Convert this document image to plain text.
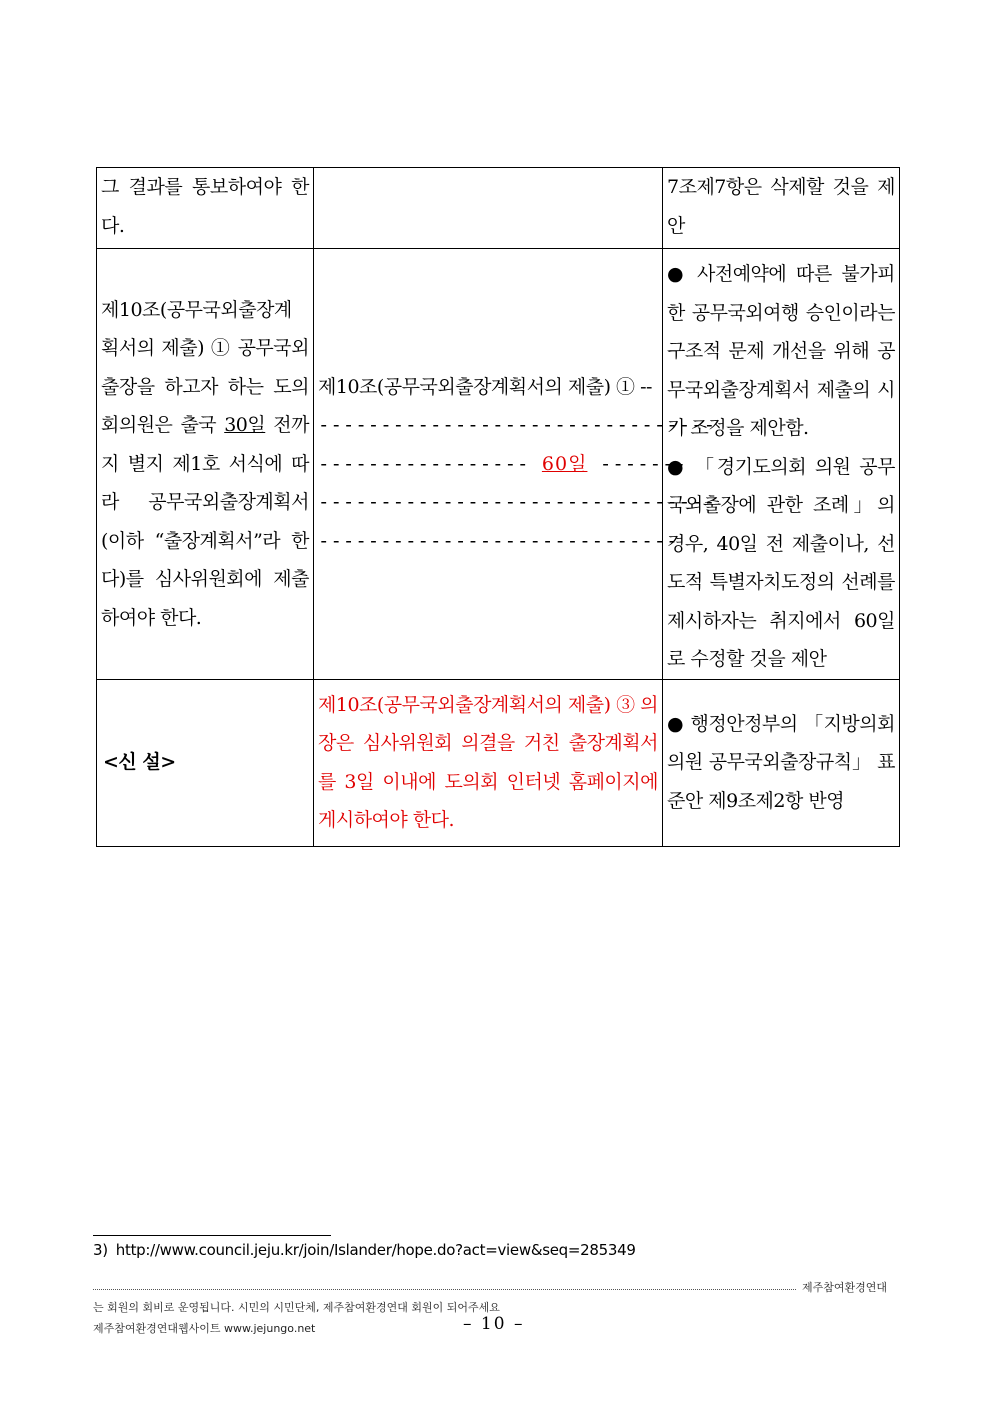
그 결과를 통보하여야 한다.		7조제7항은 삭제할 것을 제안
제10조(공무국외출장계획서의 제출) ① 공무국외출장을 하고자 하는 도의회의원은 출국 30일 전까지 별지 제1호 서식에 따라 공무국외출장계획서(이하 “출장계획서”라 한다)를 심사위원회에 제출하여야 한다.	제10조(공무국외출장계획서의 제출) ① --
--------------------------------
----------------- 60일 -------
--------------------------------
-----------------------------	● 사전예약에 따른 불가피한 공무국외여행 승인이라는 구조적 문제 개선을 위해 공무국외출장계획서 제출의 시기 조정을 제안함.
● 「경기도의회 의원 공무국외출장에 관한 조례」의 경우, 40일 전 제출이나, 선도적 특별자치도정의 선례를 제시하자는 취지에서 60일로 수정할 것을 제안

<신 설>	제10조(공무국외출장계획서의 제출) ③ 의장은 심사위원회 의결을 거친 출장계획서를 3일 이내에 도의회 인터넷 홈페이지에 게시하여야 한다.	● 행정안정부의 「지방의회 의원 공무국외출장규칙」 표준안 제9조제2항 반영
3) http://www.council.jeju.kr/join/Islander/hope.do?act=view&seq=285349
제주참여환경연대
는 회원의 회비로 운영됩니다. 시민의 시민단체, 제주참여환경연대 회원이 되어주세요
제주참여환경연대웹사이트 www.jejungo.net	– 10 –
